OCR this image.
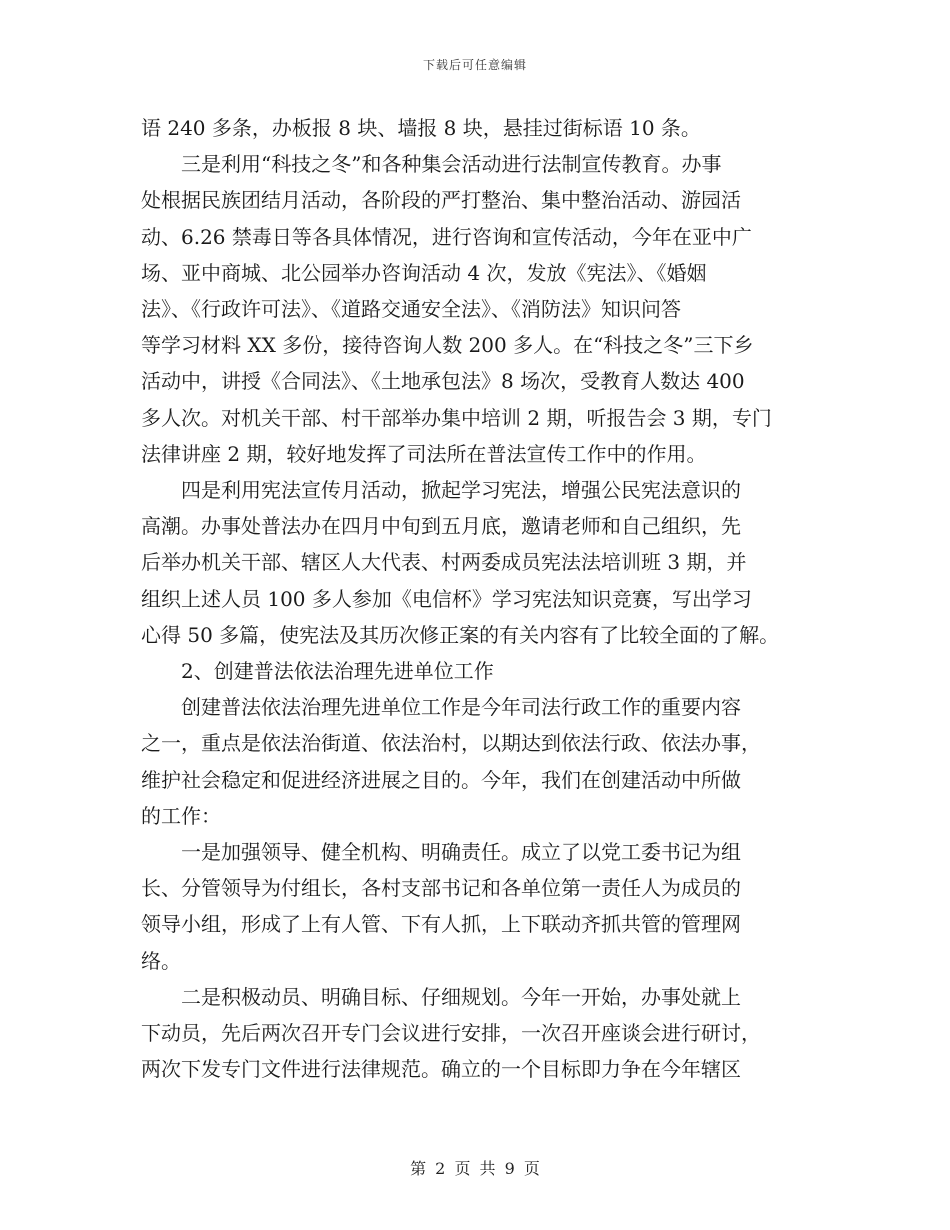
下载后可任意编辑
语 240 多条，办板报 8 块、墙报 8 块，悬挂过街标语 10 条。
三是利用“科技之冬”和各种集会活动进行法制宣传教育。办事
处根据民族团结月活动，各阶段的严打整治、集中整治活动、游园活
动、6.26 禁毒日等各具体情况，进行咨询和宣传活动，今年在亚中广
场、亚中商城、北公园举办咨询活动 4 次，发放《宪法》、《婚姻
法》、《行政许可法》、《道路交通安全法》、《消防法》知识问答
等学习材料 XX 多份，接待咨询人数 200 多人。在“科技之冬”三下乡
活动中，讲授《合同法》、《土地承包法》8 场次，受教育人数达 400
多人次。对机关干部、村干部举办集中培训 2 期，听报告会 3 期，专门
法律讲座 2 期，较好地发挥了司法所在普法宣传工作中的作用。
四是利用宪法宣传月活动，掀起学习宪法，增强公民宪法意识的
高潮。办事处普法办在四月中旬到五月底，邀请老师和自己组织，先
后举办机关干部、辖区人大代表、村两委成员宪法法培训班 3 期，并
组织上述人员 100 多人参加《电信杯》学习宪法知识竞赛，写出学习
心得 50 多篇，使宪法及其历次修正案的有关内容有了比较全面的了解。
2、创建普法依法治理先进单位工作
创建普法依法治理先进单位工作是今年司法行政工作的重要内容
之一，重点是依法治街道、依法治村，以期达到依法行政、依法办事，
维护社会稳定和促进经济进展之目的。今年，我们在创建活动中所做
的工作：
一是加强领导、健全机构、明确责任。成立了以党工委书记为组
长、分管领导为付组长，各村支部书记和各单位第一责任人为成员的
领导小组，形成了上有人管、下有人抓，上下联动齐抓共管的管理网
络。
二是积极动员、明确目标、仔细规划。今年一开始，办事处就上
下动员，先后两次召开专门会议进行安排，一次召开座谈会进行研讨，
两次下发专门文件进行法律规范。确立的一个目标即力争在今年辖区
第 2 页 共 9 页
